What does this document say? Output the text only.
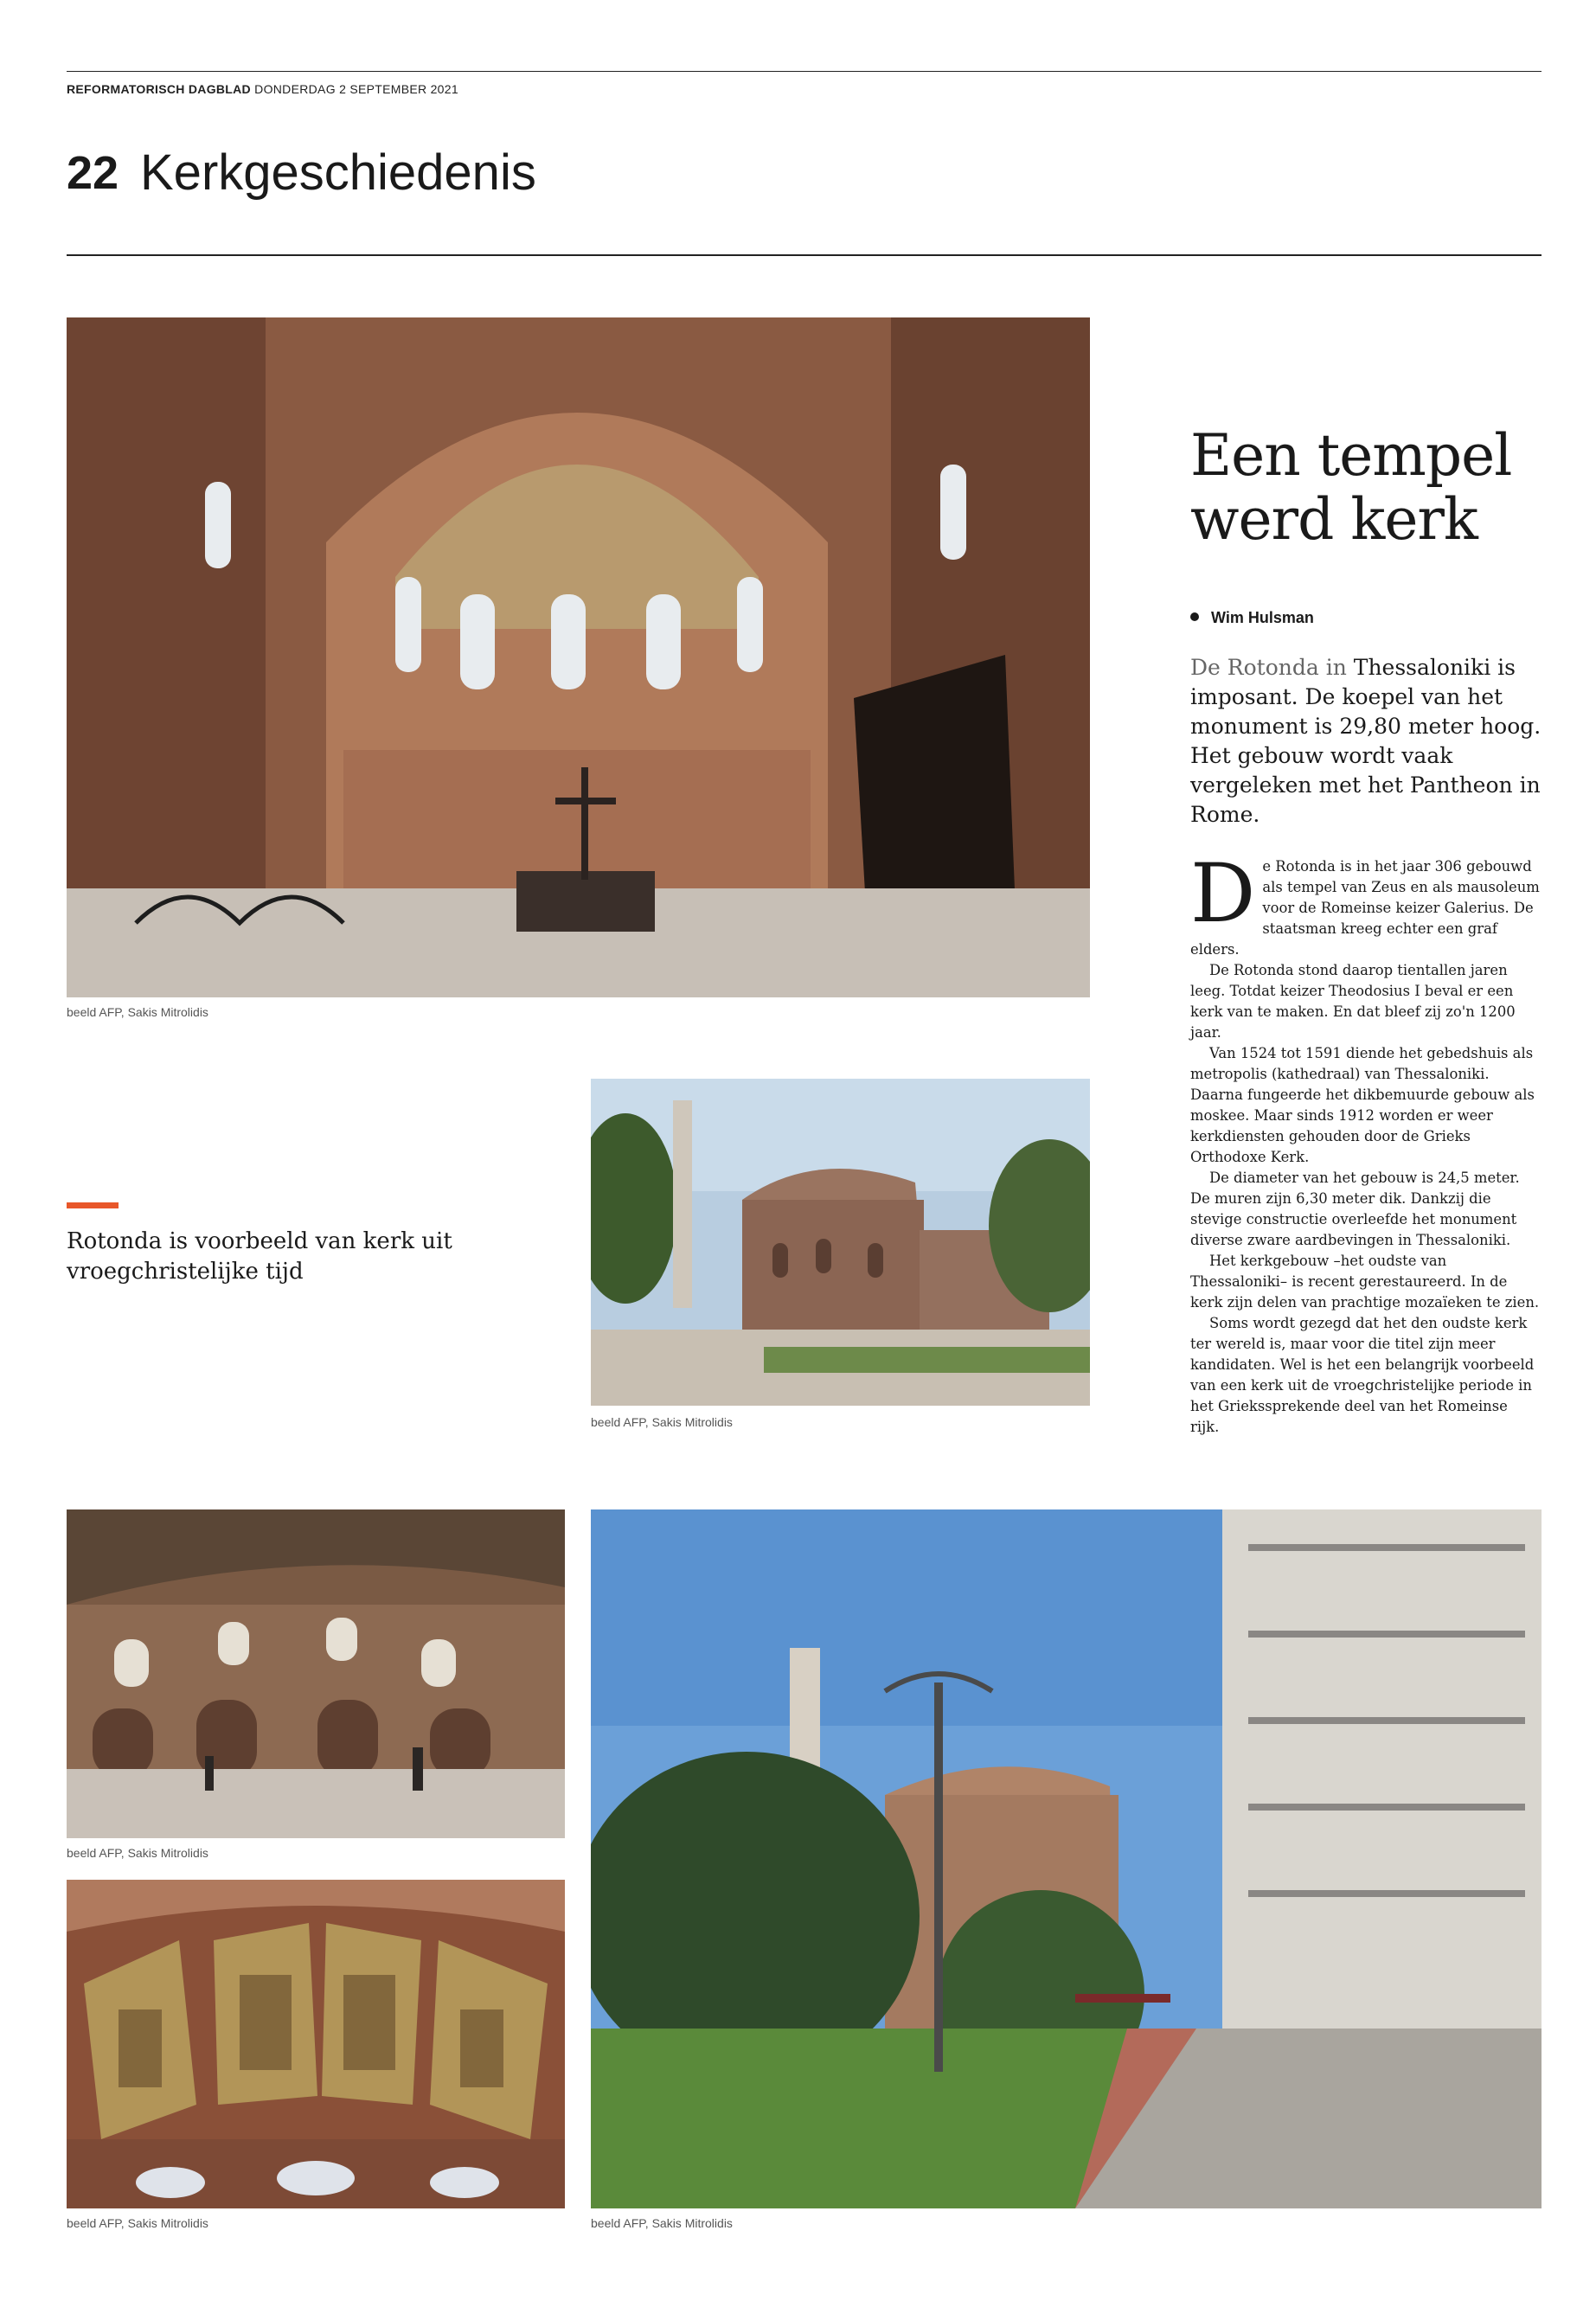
REFORMATORISCH DAGBLAD DONDERDAG 2 SEPTEMBER 2021
22 Kerkgeschiedenis
beeld AFP, Sakis Mitrolidis
Een tempel werd kerk
Wim Hulsman
De Rotonda in Thessaloniki is imposant. De koepel van het monument is 29,80 meter hoog. Het gebouw wordt vaak vergeleken met het Pantheon in Rome.

De Rotonda is in het jaar 306 gebouwd als tempel van Zeus en als mausoleum voor de Romeinse keizer Galerius. De staatsman kreeg echter een graf elders.

De Rotonda stond daarop tientallen jaren leeg. Totdat keizer Theodosius I beval er een kerk van te maken. En dat bleef zij zo'n 1200 jaar.

Van 1524 tot 1591 diende het gebedshuis als metropolis (kathedraal) van Thessaloniki. Daarna fungeerde het dikbemuurde gebouw als moskee. Maar sinds 1912 worden er weer kerkdiensten gehouden door de Grieks Orthodoxe Kerk.

De diameter van het gebouw is 24,5 meter. De muren zijn 6,30 meter dik. Dankzij die stevige constructie overleefde het monument diverse zware aardbevingen in Thessaloniki.

Het kerkgebouw –het oudste van Thessaloniki– is recent gerestaureerd. In de kerk zijn delen van prachtige mozaïeken te zien.

Soms wordt gezegd dat het den oudste kerk ter wereld is, maar voor die titel zijn meer kandidaten. Wel is het een belangrijk voorbeeld van een kerk uit de vroegchristelijke periode in het Griekssprekende deel van het Romeinse rijk.

Rotonda is voorbeeld van kerk uit vroegchristelijke tijd
beeld AFP, Sakis Mitrolidis
beeld AFP, Sakis Mitrolidis
beeld AFP, Sakis Mitrolidis	beeld AFP, Sakis Mitrolidis
